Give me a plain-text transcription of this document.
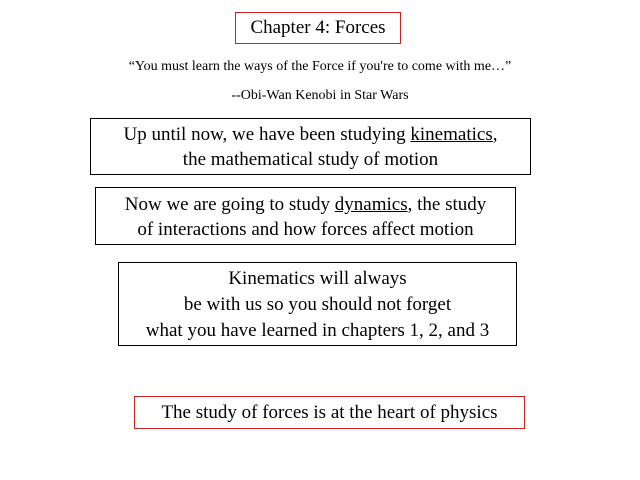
Chapter 4: Forces
“You must learn the ways of the Force if you're to come with me…”
--Obi-Wan Kenobi in Star Wars
Up until now, we have been studying kinematics,
the mathematical study of motion
Now we are going to study dynamics, the study
of interactions and how forces affect motion
Kinematics will always
be with us so you should not forget
what you have learned in chapters 1, 2, and 3
The study of forces is at the heart of physics
